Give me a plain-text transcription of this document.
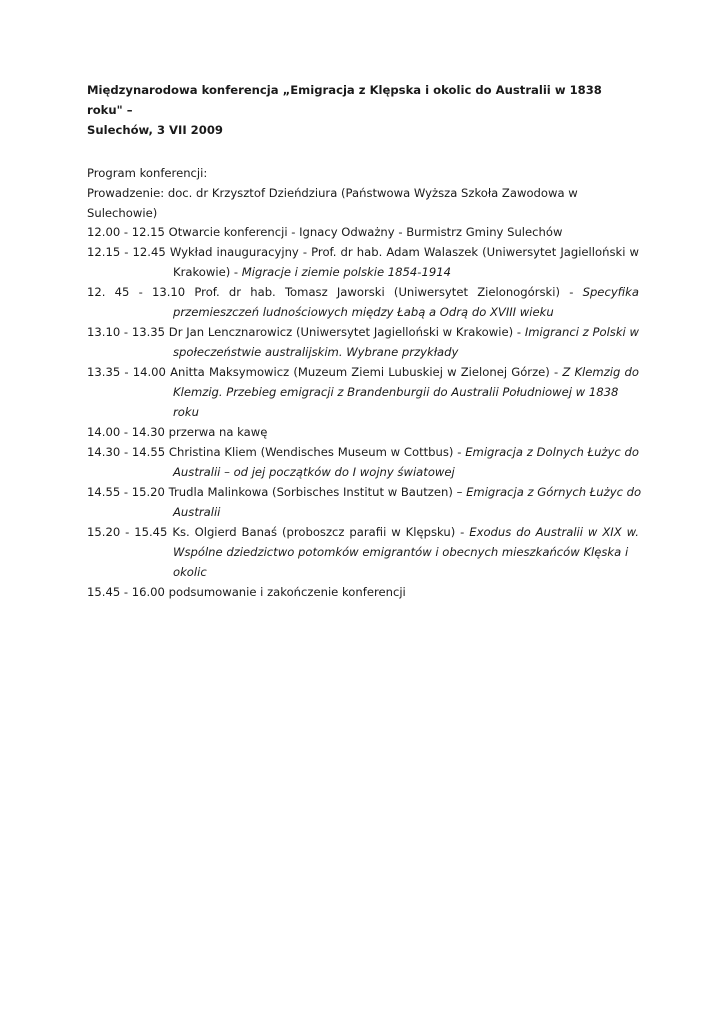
Międzynarodowa konferencja „Emigracja z Klępska i okolic do Australii w 1838 roku" –
Sulechów, 3 VII 2009
Program konferencji:
Prowadzenie: doc. dr Krzysztof Dzieńdziura (Państwowa Wyższa Szkoła Zawodowa w Sulechowie)
12.00 - 12.15 Otwarcie konferencji - Ignacy Odważny - Burmistrz Gminy Sulechów
12.15 - 12.45 Wykład inauguracyjny - Prof. dr hab. Adam Walaszek (Uniwersytet Jagielloński w
Krakowie) - Migracje i ziemie polskie 1854-1914
12. 45 - 13.10 Prof. dr hab. Tomasz Jaworski (Uniwersytet Zielonogórski) - Specyfika
przemieszczeń ludnościowych między Łabą a Odrą do XVIII wieku
13.10 - 13.35 Dr Jan Lencznarowicz (Uniwersytet Jagielloński w Krakowie) - Imigranci z Polski w
społeczeństwie australijskim. Wybrane przykłady
13.35 - 14.00 Anitta Maksymowicz (Muzeum Ziemi Lubuskiej w Zielonej Górze) - Z Klemzig do
Klemzig. Przebieg emigracji z Brandenburgii do Australii Południowej w 1838 roku
14.00 - 14.30 przerwa na kawę
14.30 - 14.55 Christina Kliem (Wendisches Museum w Cottbus) - Emigracja z Dolnych Łużyc do
Australii – od jej początków do I wojny światowej
14.55 - 15.20 Trudla Malinkowa (Sorbisches Institut w Bautzen) – Emigracja z Górnych Łużyc do
Australii
15.20 - 15.45 Ks. Olgierd Banaś (proboszcz parafii w Klępsku) - Exodus do Australii w XIX w.
Wspólne dziedzictwo potomków emigrantów i obecnych mieszkańców Klęska i okolic
15.45 - 16.00 podsumowanie i zakończenie konferencji
